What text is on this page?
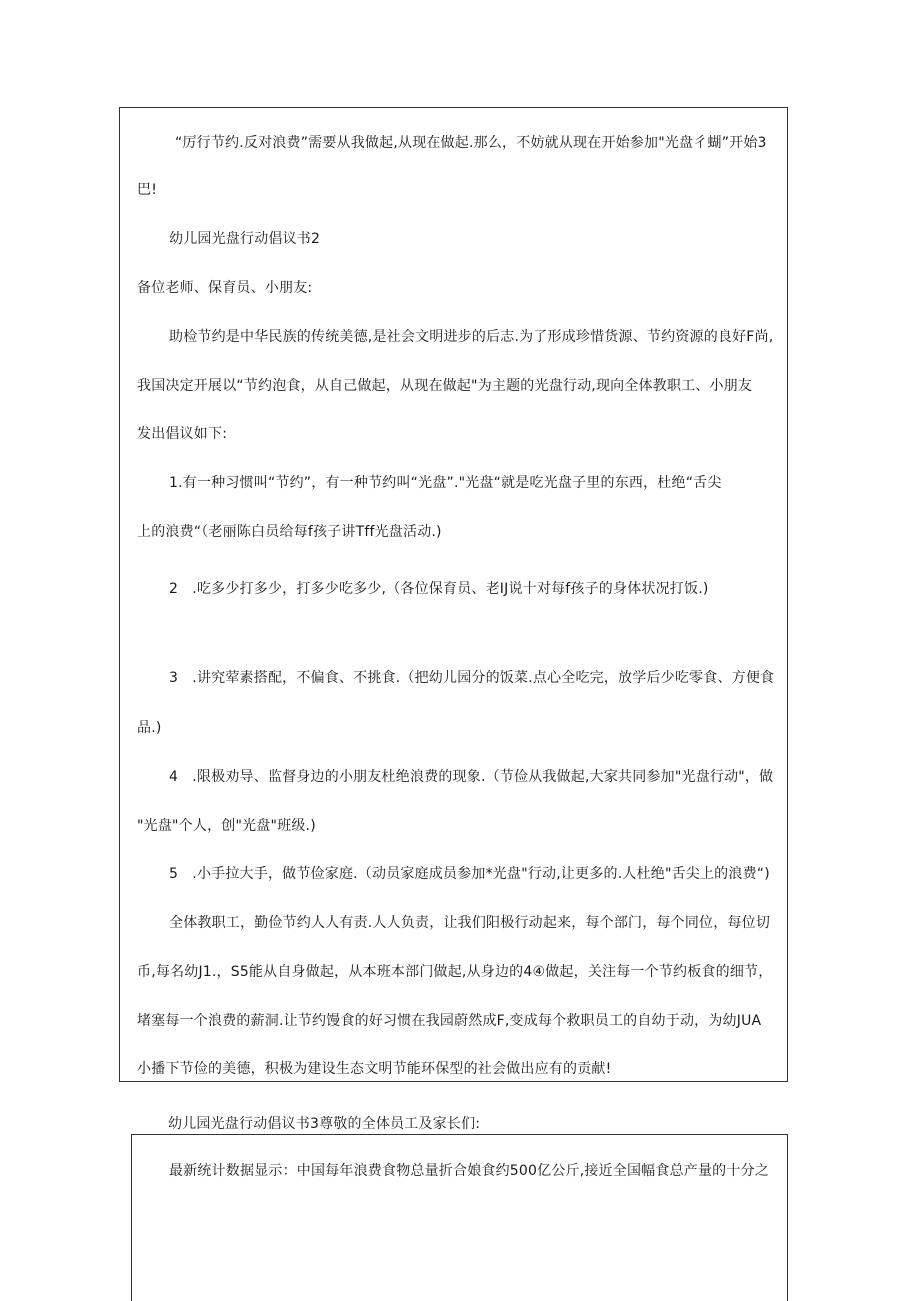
“厉行节约.反对浪费”需要从我做起,从现在做起.那么，不妨就从现在开始参加"光盘彳蝴”开始3
巴!
幼儿园光盘行动倡议书2
备位老师、保育员、小朋友:
助检节约是中华民族的传统美德,是社会文明进步的后志.为了形成珍惜货源、节约资源的良好F尚,
我国决定开展以“节约泡食，从自己做起，从现在做起"为主题的光盘行动,现向全体教职工、小朋友
发出倡议如下:
1.有一种习惯叫“节约”，有一种节约叫“光盘”."光盘“就是吃光盘子里的东西，杜绝“舌尖
上的浪费“（老丽陈白员给每f孩子讲Tff光盘活动.)
2　.吃多少打多少，打多少吃多少,（各位保育员、老IJ说十对每f孩子的身体状况打饭.)
3　.讲究荤素搭配，不偏食、不挑食.（把幼儿园分的饭菜.点心全吃完，放学后少吃零食、方便食
品.)
4　.限极劝导、监督身边的小朋友杜绝浪费的现象.（节俭从我做起,大家共同参加"光盘行动"，做
"光盘"个人，创"光盘"班级.)
5　.小手拉大手，做节俭家庭.（动员家庭成员参加*光盘"行动,让更多的.人杜绝"舌尖上的浪费“)
全体教职工，勤俭节约人人有责.人人负责，让我们阳极行动起来，每个部门，每个同位，每位切
币,每名幼J1.，S5能从自身做起，从本班本部门做起,从身边的4④做起，关注每一个节约板食的细节，
堵塞每一个浪费的薪洞.让节约馒食的好习惯在我园蔚然成F,变成每个救职员工的自幼于动，为幼JUA
小播下节俭的美德，积极为建设生态文明节能环保型的社会做出应有的贡献!
幼儿园光盘行动倡议书3尊敬的全体员工及家长们:
最新统计数据显示：中国每年浪费食物总量折合娘食约500亿公斤,接近全国幅食总产量的十分之
